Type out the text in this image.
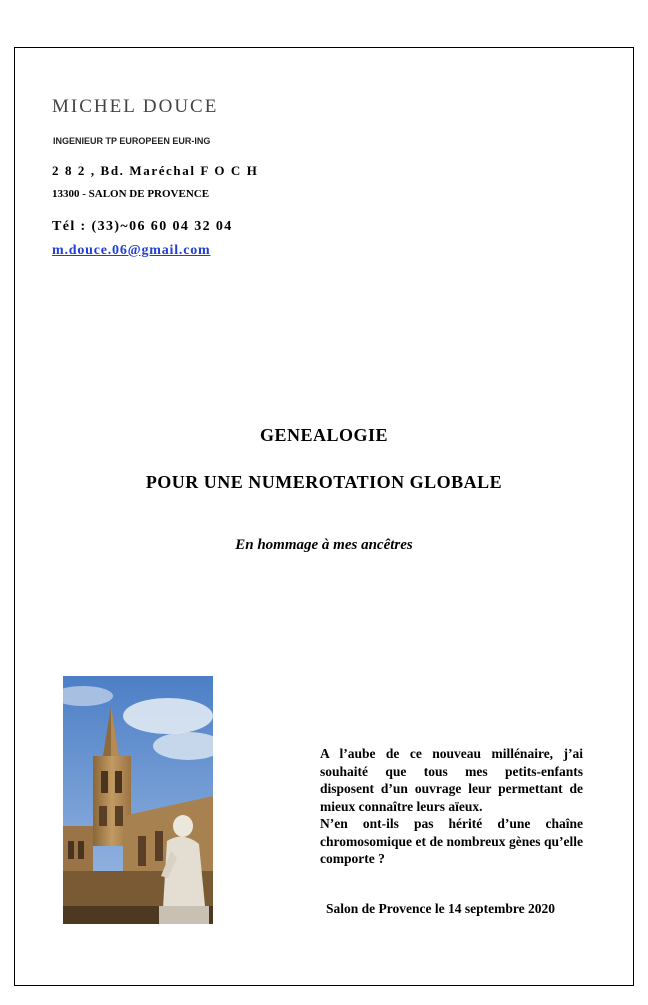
MICHEL DOUCE
INGENIEUR TP EUROPEEN EUR-ING
2 8 2 , Bd. Maréchal F O C H
13300 - SALON DE PROVENCE
Tél : (33)~06 60 04 32 04
m.douce.06@gmail.com
GENEALOGIE
POUR UNE NUMEROTATION GLOBALE
En hommage à mes ancêtres

A l’aube de ce nouveau millénaire, j’ai souhaité que tous mes petits-enfants disposent d’un ouvrage leur permettant de mieux connaître leurs aïeux.

N’en ont-ils pas hérité d’une chaîne chromosomique et de nombreux gènes qu’elle comporte ?

Salon de Provence le 14 septembre 2020
